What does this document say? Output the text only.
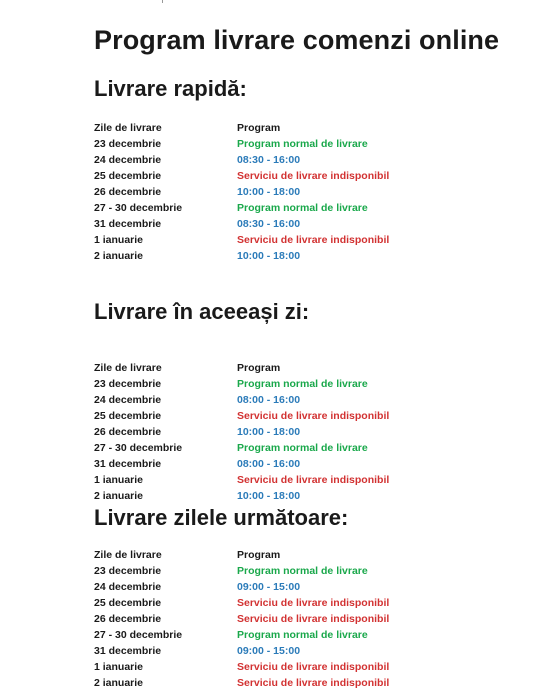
Program livrare comenzi online
Livrare rapidă:
Zile de livrare	Program
23 decembrie	Program normal de livrare
24 decembrie	08:30 - 16:00
25 decembrie	Serviciu de livrare indisponibil
26 decembrie	10:00 - 18:00
27 - 30 decembrie	Program normal de livrare
31 decembrie	08:30 - 16:00
1 ianuarie	Serviciu de livrare indisponibil
2 ianuarie	10:00 - 18:00
Livrare în aceeași zi:
Zile de livrare	Program
23 decembrie	Program normal de livrare
24 decembrie	08:00 - 16:00
25 decembrie	Serviciu de livrare indisponibil
26 decembrie	10:00 - 18:00
27 - 30 decembrie	Program normal de livrare
31 decembrie	08:00 - 16:00
1 ianuarie	Serviciu de livrare indisponibil
2 ianuarie	10:00 - 18:00
Livrare zilele următoare:
Zile de livrare	Program
23 decembrie	Program normal de livrare
24 decembrie	09:00 - 15:00
25 decembrie	Serviciu de livrare indisponibil
26 decembrie	Serviciu de livrare indisponibil
27 - 30 decembrie	Program normal de livrare
31 decembrie	09:00 - 15:00
1 ianuarie	Serviciu de livrare indisponibil
2 ianuarie	Serviciu de livrare indisponibil
